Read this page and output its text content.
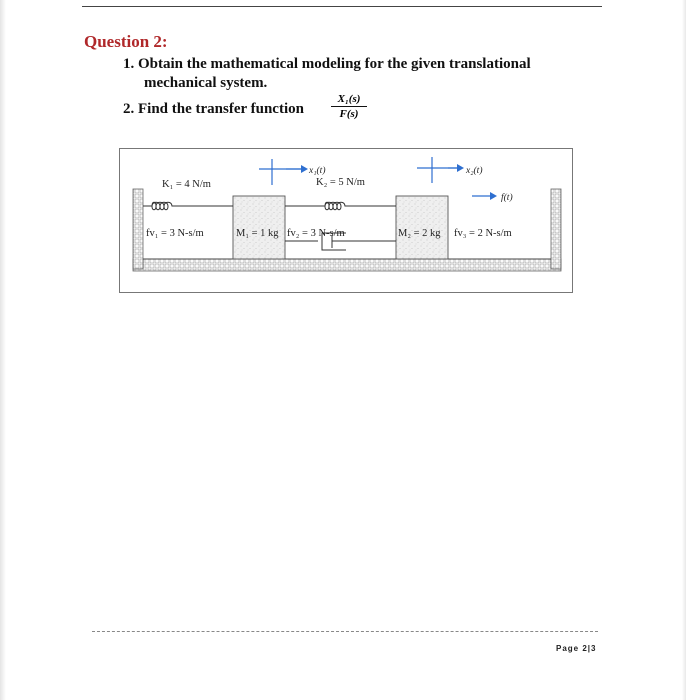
Question 2:
1. Obtain the mathematical modeling for the given translational
mechanical system.
2. Find the transfer function $\frac{\text{X₁(s)}}{F(s)}$
K₁ = 4 N/m	K₂ = 5 N/m
x₁(t)	x₂(t)
f(t)
fv₁ = 3 N-s/m	M₁ = 1 kg fv₂ = 3 N-s/m	M₂ = 2 kg fv₃ = 2 N-s/m
Page 2|3
